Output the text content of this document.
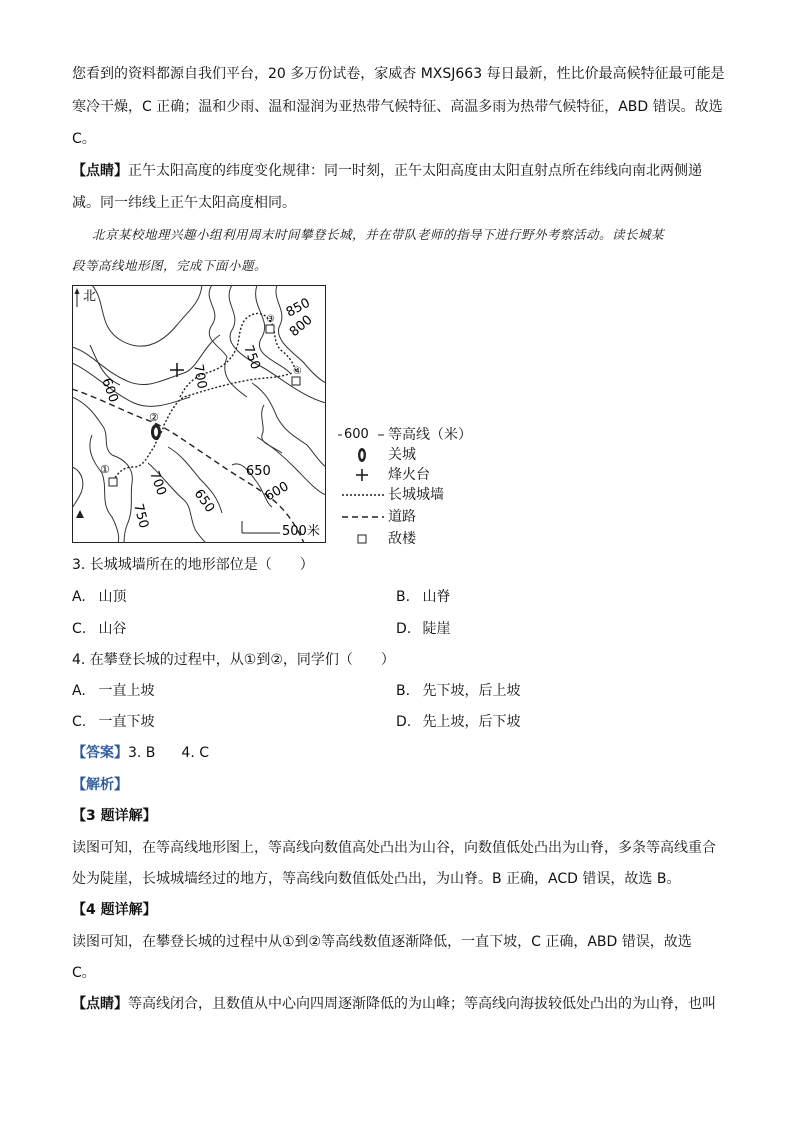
您看到的资料都源自我们平台，20 多万份试卷，家威杏 MXSJ663 每日最新，性比价最高候特征最可能是
寒冷干燥，C 正确；温和少雨、温和湿润为亚热带气候特征、高温多雨为热带气候特征，ABD 错误。故选
C。
【点睛】正午太阳高度的纬度变化规律：同一时刻，正午太阳高度由太阳直射点所在纬线向南北两侧递
减。同一纬线上正午太阳高度相同。
北京某校地理兴趣小组利用周末时间攀登长城，并在带队老师的指导下进行野外考察活动。读长城某
段等高线地形图，完成下面小题。
北
①
②
③
④
850
800
750
700
600
650
600
650
700
750
500米
600 等高线（米）
关城
烽火台
长城城墙
道路
敌楼
3. 长城城墙所在的地形部位是（　　）
A. 山顶	B. 山脊
C. 山谷	D. 陡崖
4. 在攀登长城的过程中，从①到②，同学们（　　）
A. 一直上坡	B. 先下坡，后上坡
C. 一直下坡	D. 先上坡，后下坡
【答案】3. B 4. C
【解析】
【3 题详解】
读图可知，在等高线地形图上，等高线向数值高处凸出为山谷，向数值低处凸出为山脊，多条等高线重合
处为陡崖，长城城墙经过的地方，等高线向数值低处凸出，为山脊。B 正确，ACD 错误，故选 B。
【4 题详解】
读图可知，在攀登长城的过程中从①到②等高线数值逐渐降低，一直下坡，C 正确，ABD 错误，故选
C。
【点睛】等高线闭合，且数值从中心向四周逐渐降低的为山峰；等高线向海拔较低处凸出的为山脊，也叫
